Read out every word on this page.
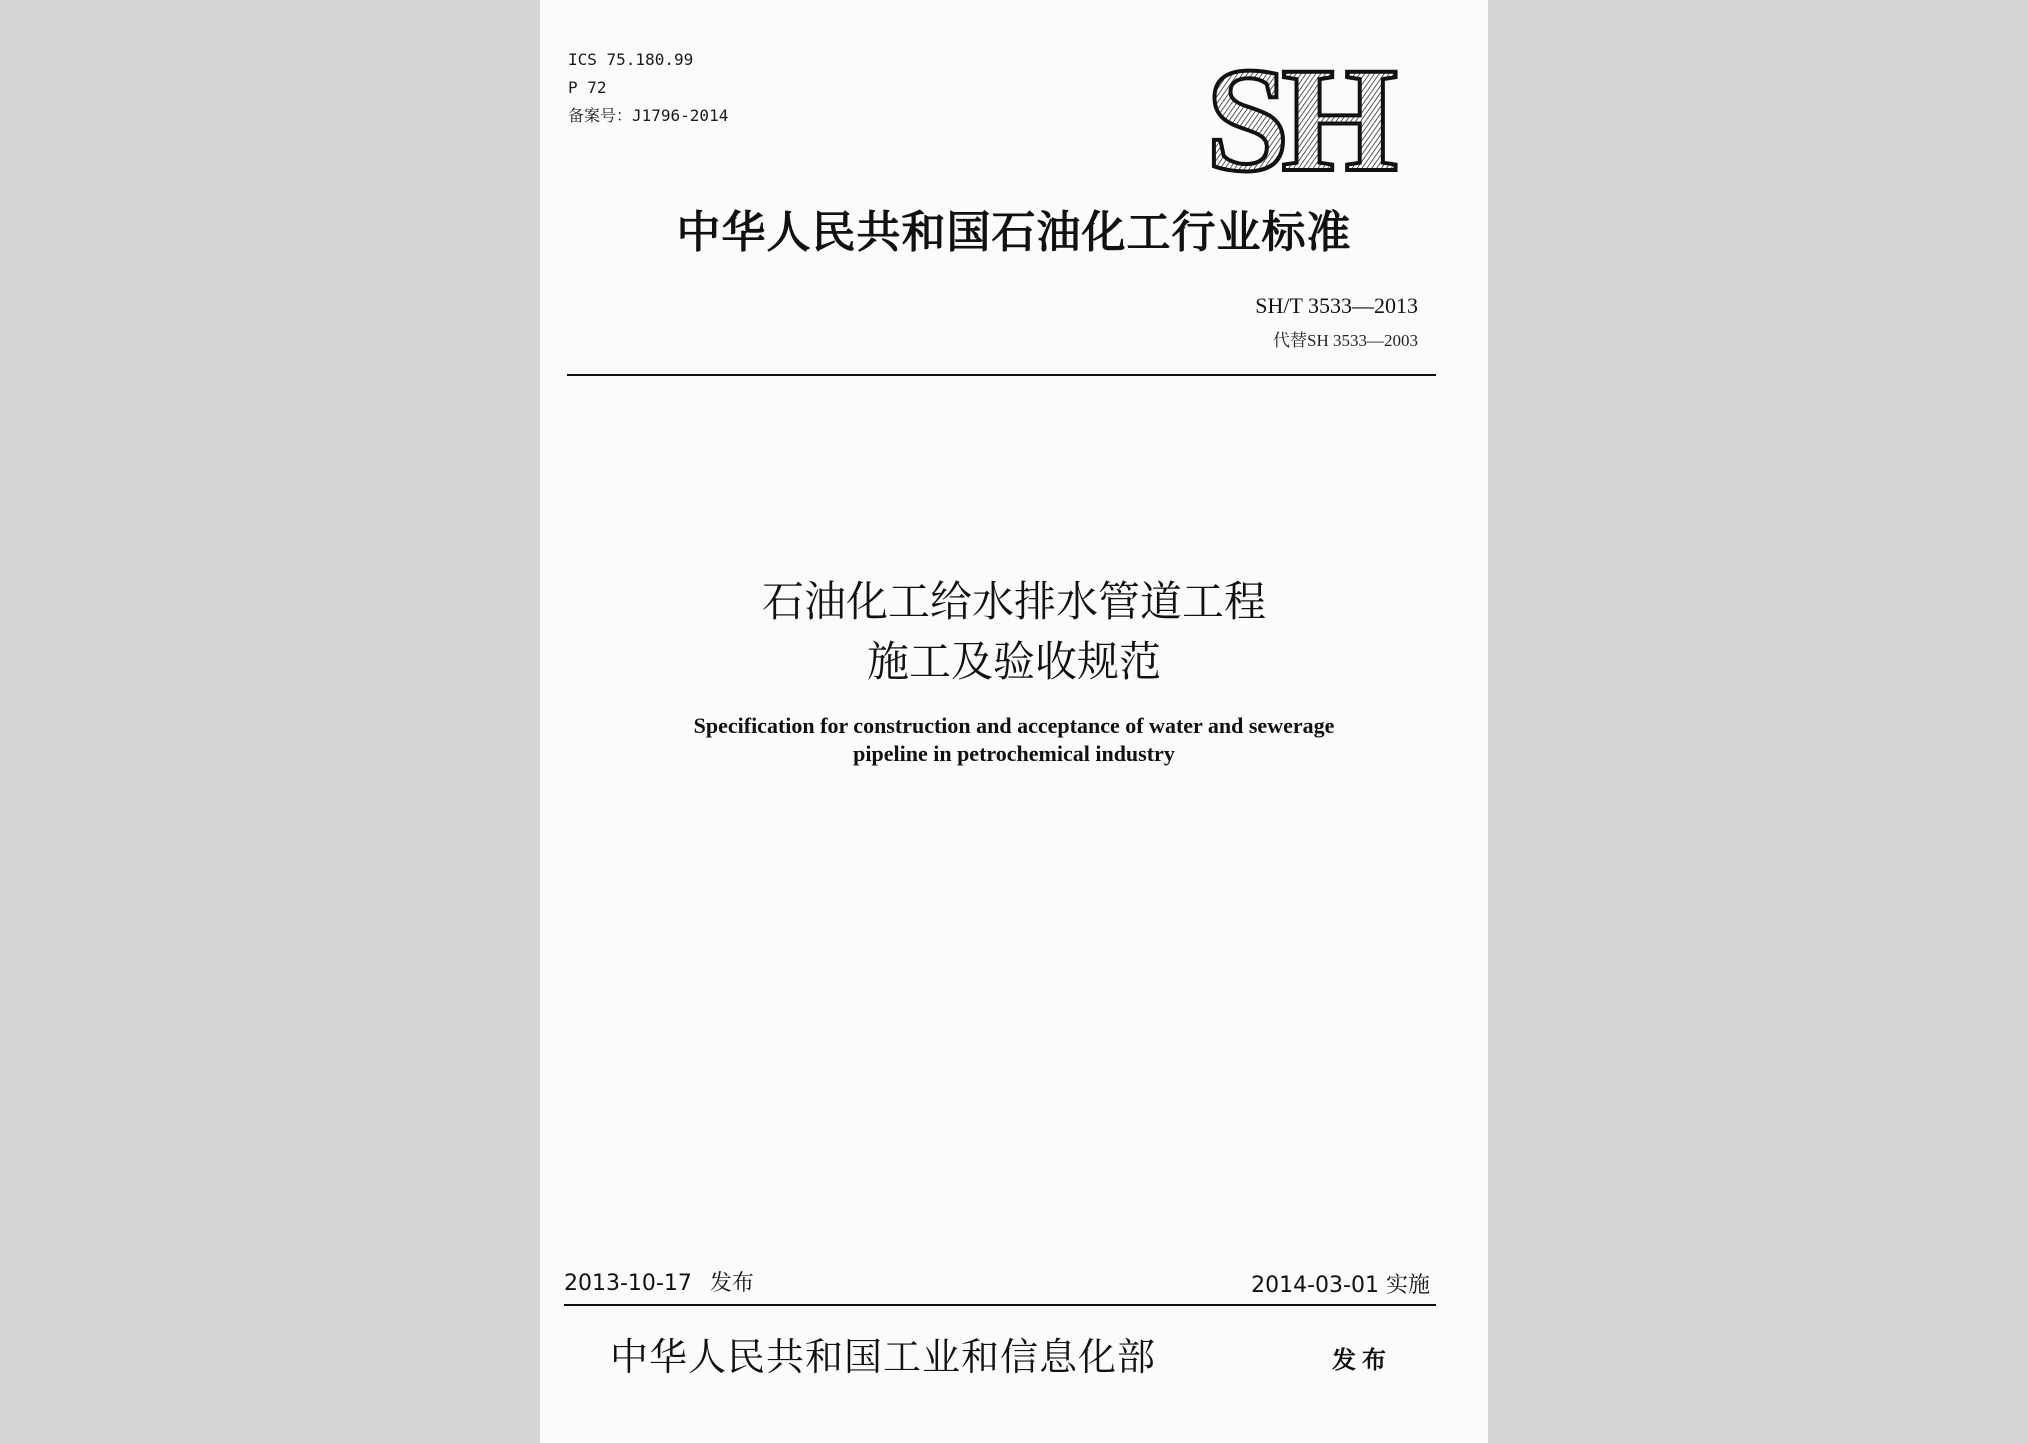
ICS 75.180.99
P 72
备案号：J1796-2014	SH
中华人民共和国石油化工行业标准
SH/T 3533—2013
代替SH 3533—2003
石油化工给水排水管道工程
施工及验收规范
Specification for construction and acceptance of water and sewerage
pipeline in petrochemical industry
2013-10-17 发布	2014-03-01 实施
中华人民共和国工业和信息化部	发布
